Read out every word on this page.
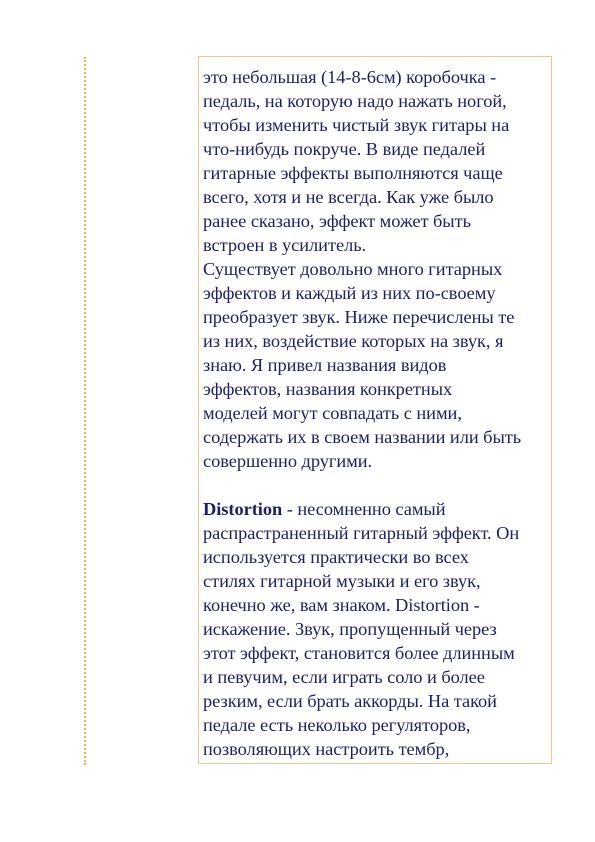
это небольшая (14-8-6см) коробочка -
педаль, на которую надо нажать ногой,
чтобы изменить чистый звук гитары на
что-нибудь покруче. В виде педалей
гитарные эффекты выполняются чаще
всего, хотя и не всегда. Как уже было
ранее сказано, эффект может быть
встроен в усилитель.

Существует довольно много гитарных
эффектов и каждый из них по-своему
преобразует звук. Ниже перечислены те
из них, воздействие которых на звук, я
знаю. Я привел названия видов
эффектов, названия конкретных
моделей могут совпадать с ними,
содержать их в своем названии или быть
совершенно другими.

Distortion - несомненно самый
распрастраненный гитарный эффект. Он
используется практически во всех
стилях гитарной музыки и его звук,
конечно же, вам знаком. Distortion -
искажение. Звук, пропущенный через
этот эффект, становится более длинным
и певучим, если играть соло и более
резким, если брать аккорды. На такой
педале есть неколько регуляторов,
позволяющих настроить тембр,
